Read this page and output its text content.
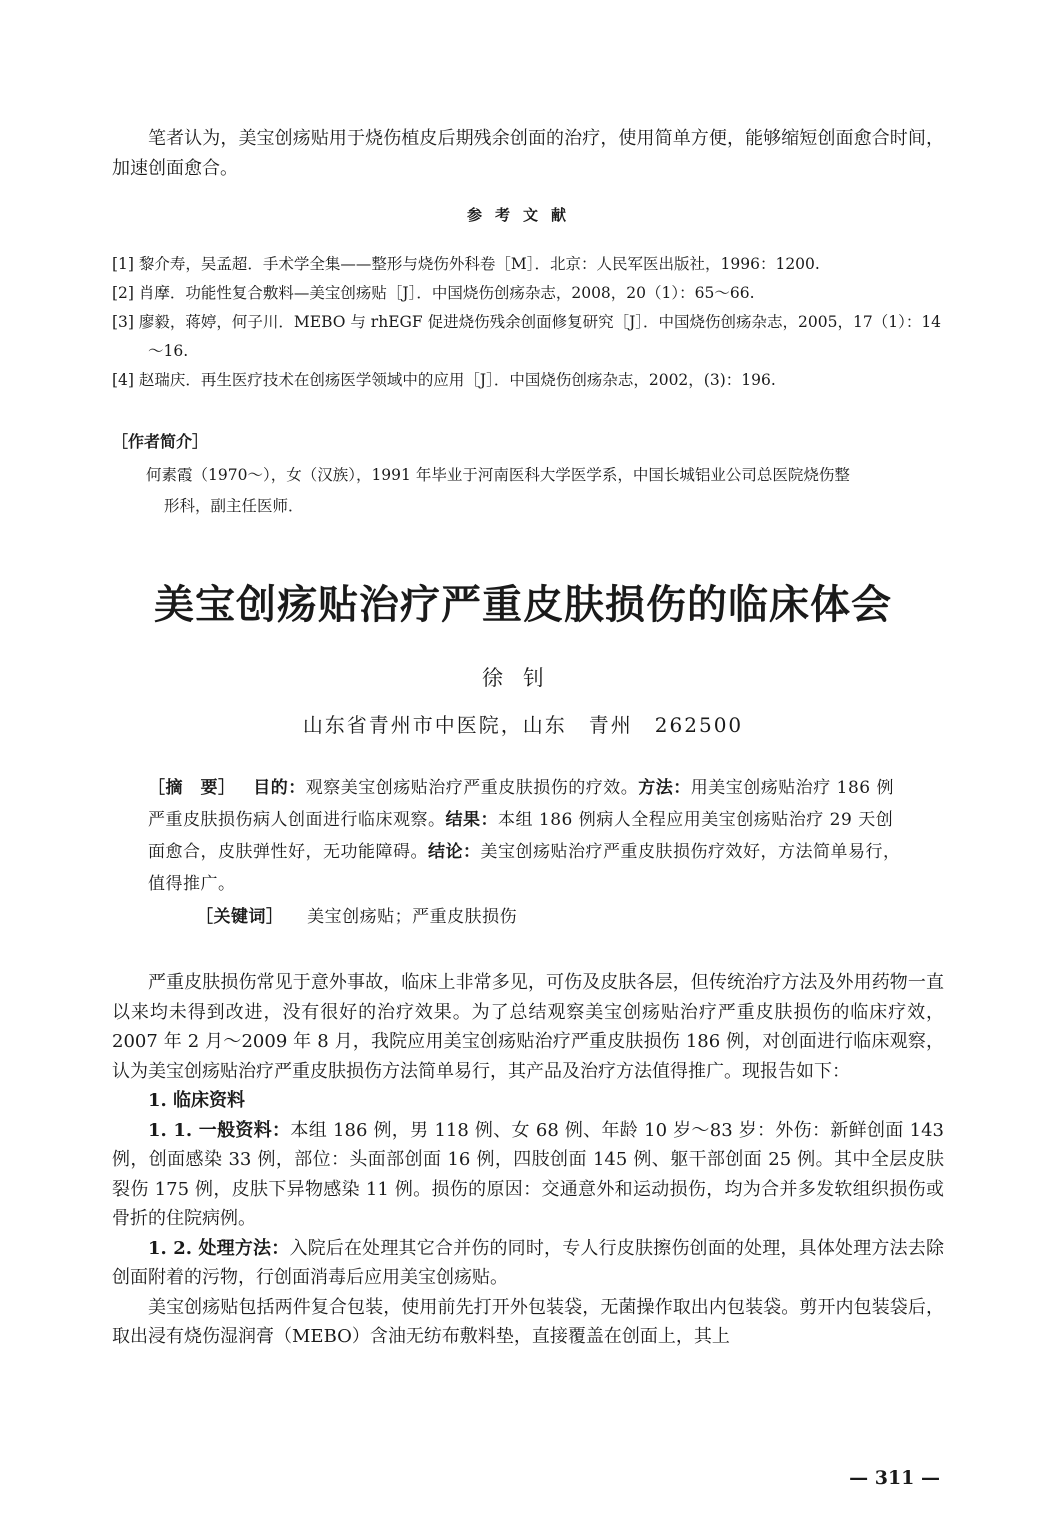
笔者认为，美宝创疡贴用于烧伤植皮后期残余创面的治疗，使用简单方便，能够缩短创面愈合时间，加速创面愈合。

参考文献

[1] 黎介寿，吴孟超．手术学全集——整形与烧伤外科卷［M］．北京：人民军医出版社，1996：1200.

[2] 肖摩．功能性复合敷料—美宝创疡贴［J］．中国烧伤创疡杂志，2008，20（1）：65～66.

[3] 廖毅，蒋婷，何子川．MEBO 与 rhEGF 促进烧伤残余创面修复研究［J］．中国烧伤创疡杂志，2005，17（1）：14～16.

[4] 赵瑞庆．再生医疗技术在创疡医学领域中的应用［J］．中国烧伤创疡杂志，2002，(3)：196.

［作者简介］
何素霞（1970～），女（汉族），1991 年毕业于河南医科大学医学系，中国长城铝业公司总医院烧伤整
形科，副主任医师．
美宝创疡贴治疗严重皮肤损伤的临床体会
徐钊
山东省青州市中医院，山东　青州　262500
［摘　要］ 目的：观察美宝创疡贴治疗严重皮肤损伤的疗效。方法：用美宝创疡贴治疗 186 例严重皮肤损伤病人创面进行临床观察。结果：本组 186 例病人全程应用美宝创疡贴治疗 29 天创面愈合，皮肤弹性好，无功能障碍。结论：美宝创疡贴治疗严重皮肤损伤疗效好，方法简单易行，值得推广。
［关键词］ 美宝创疡贴；严重皮肤损伤

严重皮肤损伤常见于意外事故，临床上非常多见，可伤及皮肤各层，但传统治疗方法及外用药物一直以来均未得到改进，没有很好的治疗效果。为了总结观察美宝创疡贴治疗严重皮肤损伤的临床疗效，2007 年 2 月～2009 年 8 月，我院应用美宝创疡贴治疗严重皮肤损伤 186 例，对创面进行临床观察，认为美宝创疡贴治疗严重皮肤损伤方法简单易行，其产品及治疗方法值得推广。现报告如下：

1. 临床资料

1. 1. 一般资料：本组 186 例，男 118 例、女 68 例、年龄 10 岁～83 岁：外伤：新鲜创面 143 例，创面感染 33 例，部位：头面部创面 16 例，四肢创面 145 例、躯干部创面 25 例。其中全层皮肤裂伤 175 例，皮肤下异物感染 11 例。损伤的原因：交通意外和运动损伤，均为合并多发软组织损伤或骨折的住院病例。

1. 2. 处理方法：入院后在处理其它合并伤的同时，专人行皮肤擦伤创面的处理，具体处理方法去除创面附着的污物，行创面消毒后应用美宝创疡贴。

美宝创疡贴包括两件复合包装，使用前先打开外包装袋，无菌操作取出内包装袋。剪开内包装袋后，取出浸有烧伤湿润膏（MEBO）含油无纺布敷料垫，直接覆盖在创面上，其上

— 311 —
